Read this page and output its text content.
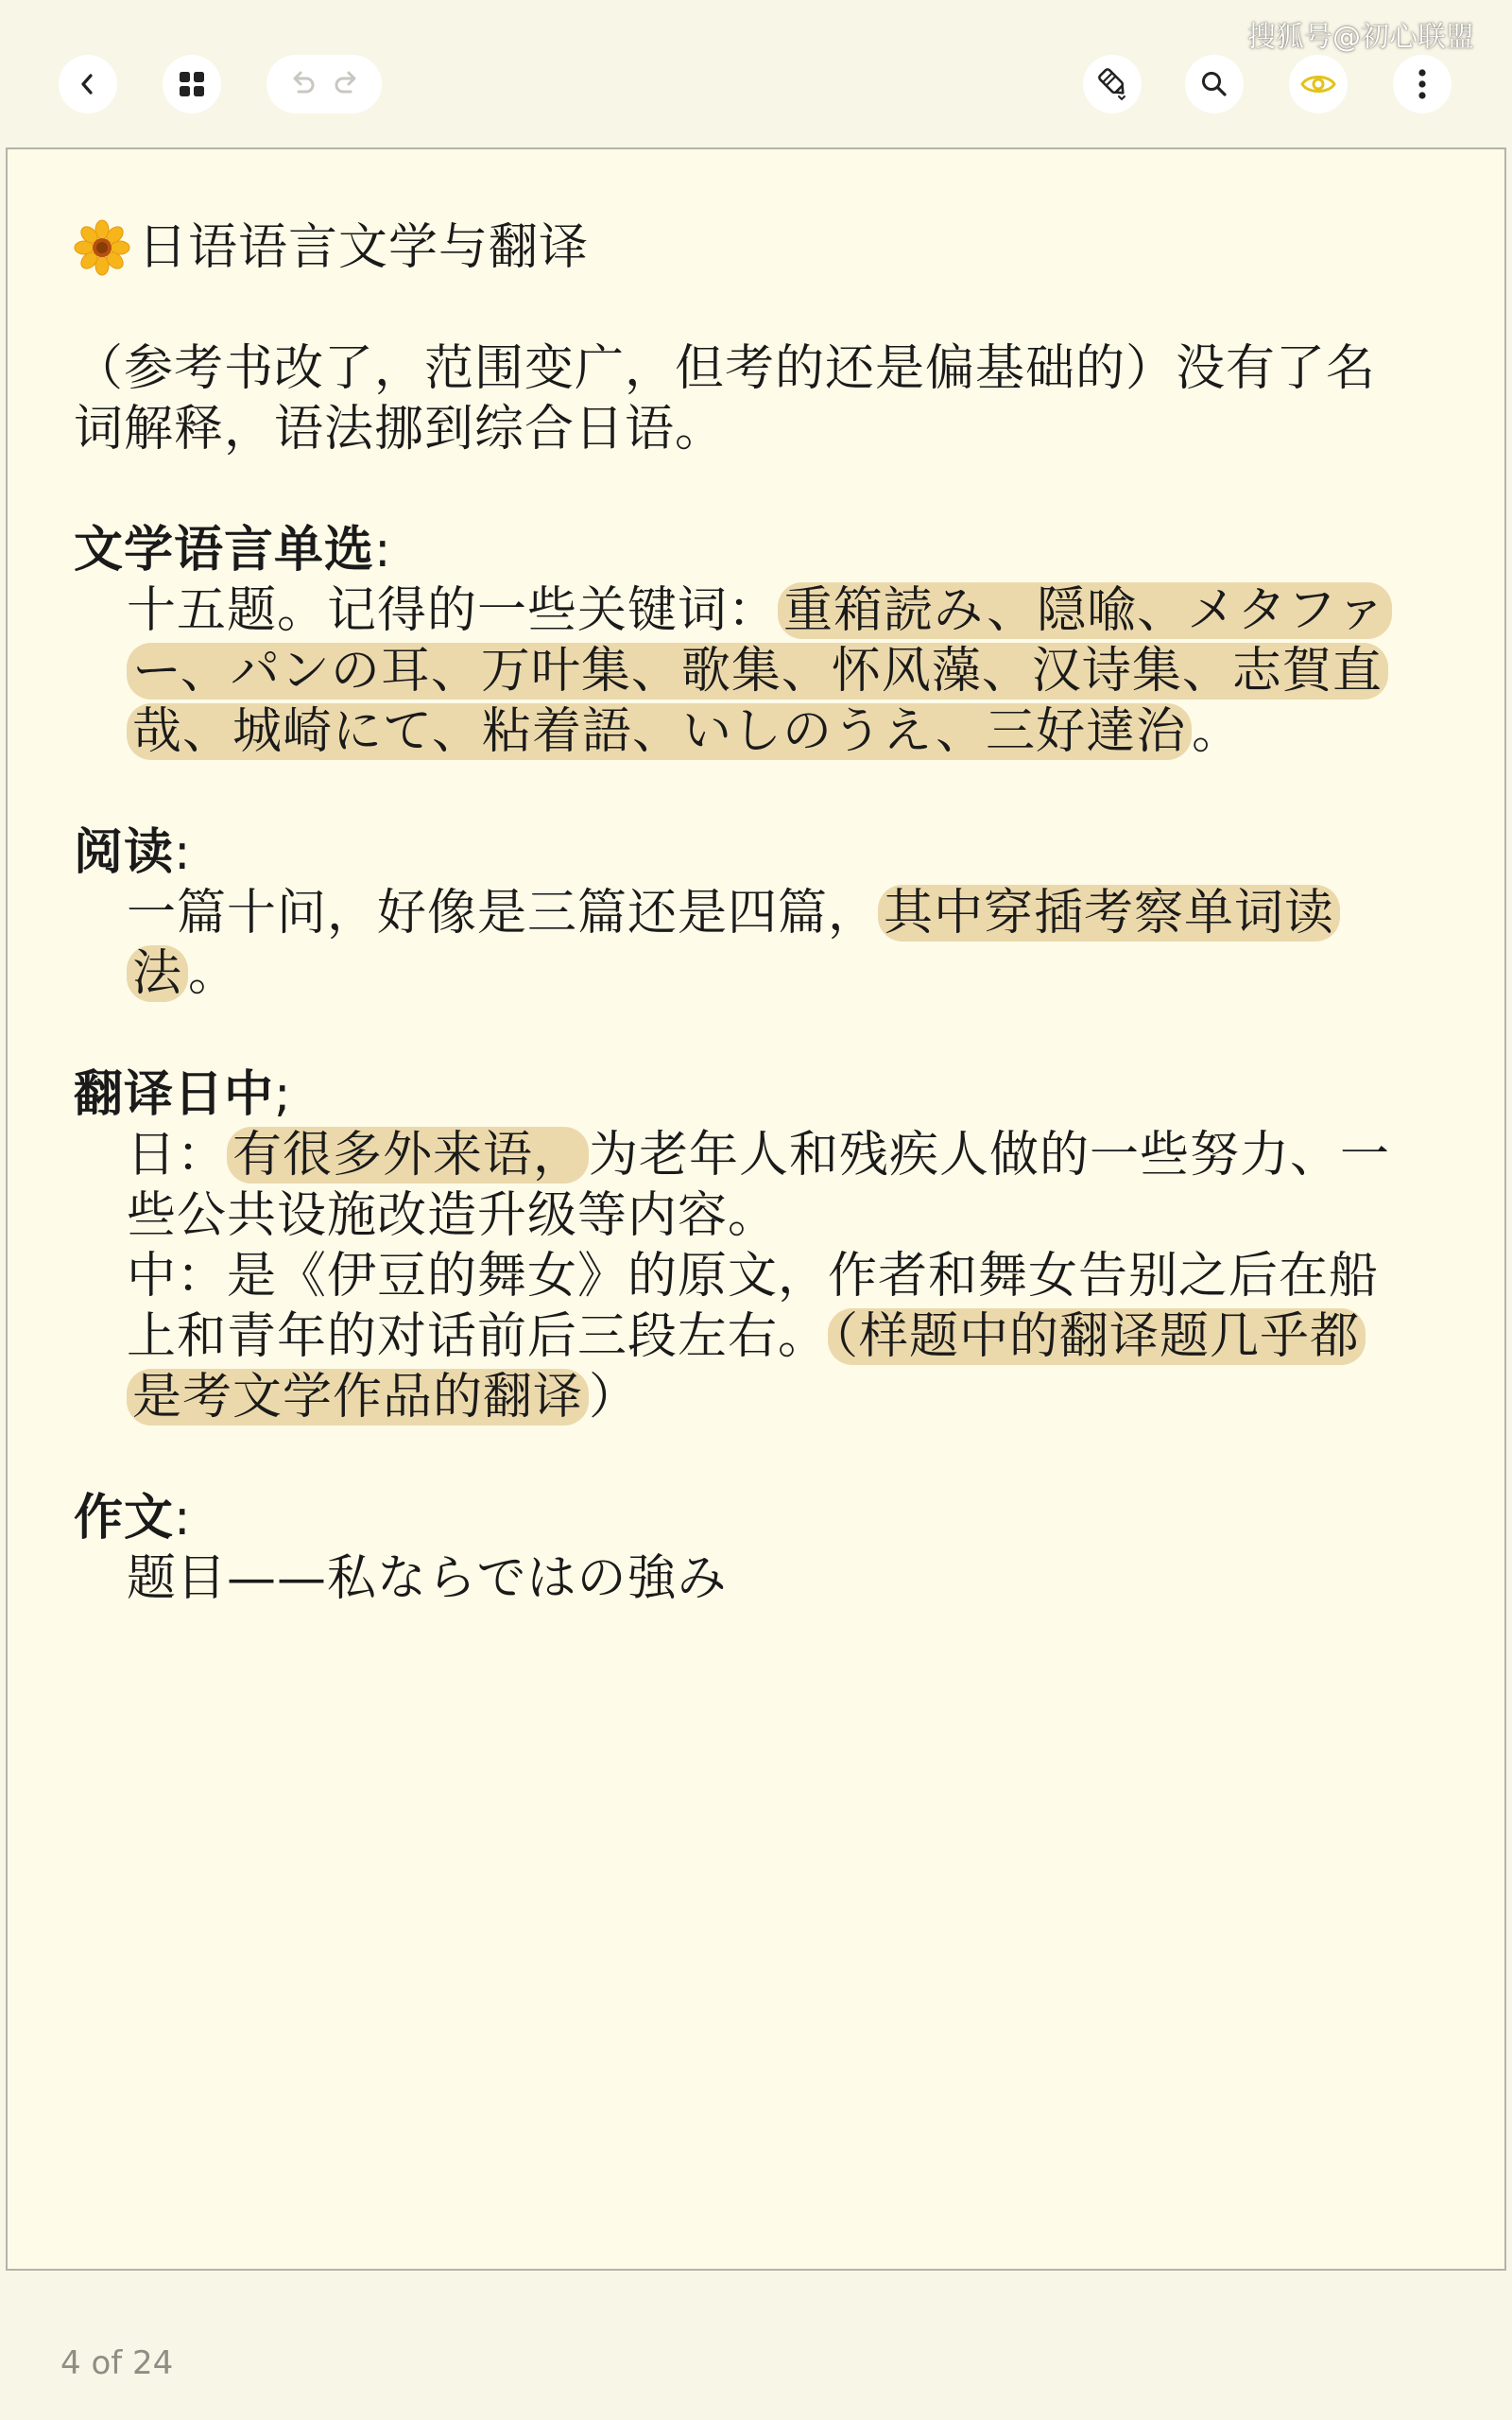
搜狐号@初心联盟
日语语言文学与翻译
（参考书改了，范围变广，但考的还是偏基础的）没有了名词解释，语法挪到综合日语。
文学语言单选:
十五题。记得的一些关键词： 重箱読み、隠喩、メタファー、パンの耳、万叶集、歌集、怀风藻、汉诗集、志賀直哉、城崎にて、粘着語、いしのうえ、三好達治 。
阅读:
一篇十问，好像是三篇还是四篇， 其中穿插考察单词读法 。
翻译日中;
日： 有很多外来语， 为老年人和残疾人做的一些努力、一些公共设施改造升级等内容。
中：是《伊豆的舞女》的原文，作者和舞女告别之后在船上和青年的对话前后三段左右。 （样题中的翻译题几乎都是考文学作品的翻译 ）
作文:
题目——私ならではの強み
4 of 24
